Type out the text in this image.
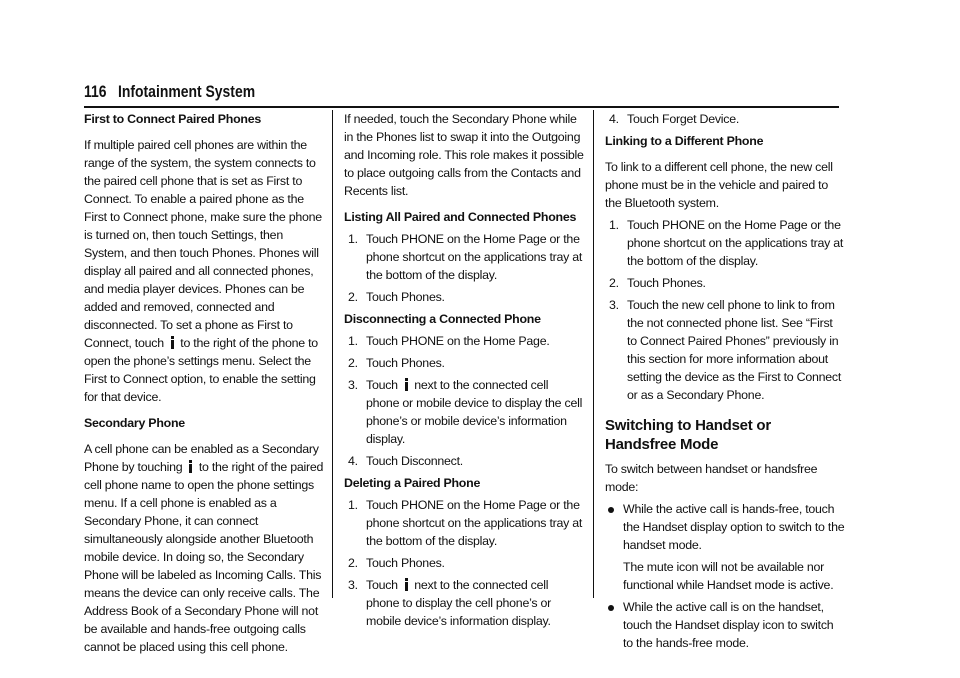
116 Infotainment System

First to Connect Paired Phones

If multiple paired cell phones are within the range of the system, the system connects to the paired cell phone that is set as First to Connect. To enable a paired phone as the First to Connect phone, make sure the phone is turned on, then touch Settings, then System, and then touch Phones. Phones will display all paired and all connected phones, and media player devices. Phones can be added and removed, connected and disconnected. To set a phone as First to Connect, touch to the right of the phone to open the phone’s settings menu. Select the First to Connect option, to enable the setting for that device.

Secondary Phone

A cell phone can be enabled as a Secondary Phone by touching to the right of the paired cell phone name to open the phone settings menu. If a cell phone is enabled as a Secondary Phone, it can connect simultaneously alongside another Bluetooth mobile device. In doing so, the Secondary Phone will be labeled as Incoming Calls. This means the device can only receive calls. The Address Book of a Secondary Phone will not be available and hands-free outgoing calls cannot be placed using this cell phone.

If needed, touch the Secondary Phone while in the Phones list to swap it into the Outgoing and Incoming role. This role makes it possible to place outgoing calls from the Contacts and Recents list.

Listing All Paired and Connected Phones

1. Touch PHONE on the Home Page or the phone shortcut on the applications tray at the bottom of the display.
2. Touch Phones.

Disconnecting a Connected Phone

1. Touch PHONE on the Home Page.
2. Touch Phones.
3. Touch next to the connected cell phone or mobile device to display the cell phone’s or mobile device’s information display.
4. Touch Disconnect.

Deleting a Paired Phone

1. Touch PHONE on the Home Page or the phone shortcut on the applications tray at the bottom of the display.
2. Touch Phones.
3. Touch next to the connected cell phone to display the cell phone’s or mobile device’s information display.
4. Touch Forget Device.

Linking to a Different Phone

To link to a different cell phone, the new cell phone must be in the vehicle and paired to the Bluetooth system.

1. Touch PHONE on the Home Page or the phone shortcut on the applications tray at the bottom of the display.
2. Touch Phones.
3. Touch the new cell phone to link to from the not connected phone list. See “First to Connect Paired Phones” previously in this section for more information about setting the device as the First to Connect or as a Secondary Phone.
Switching to Handset or Handsfree Mode

To switch between handset or handsfree mode:

While the active call is hands-free, touch the Handset display option to switch to the handset mode.
The mute icon will not be available nor functional while Handset mode is active.
While the active call is on the handset, touch the Handset display icon to switch to the hands-free mode.
